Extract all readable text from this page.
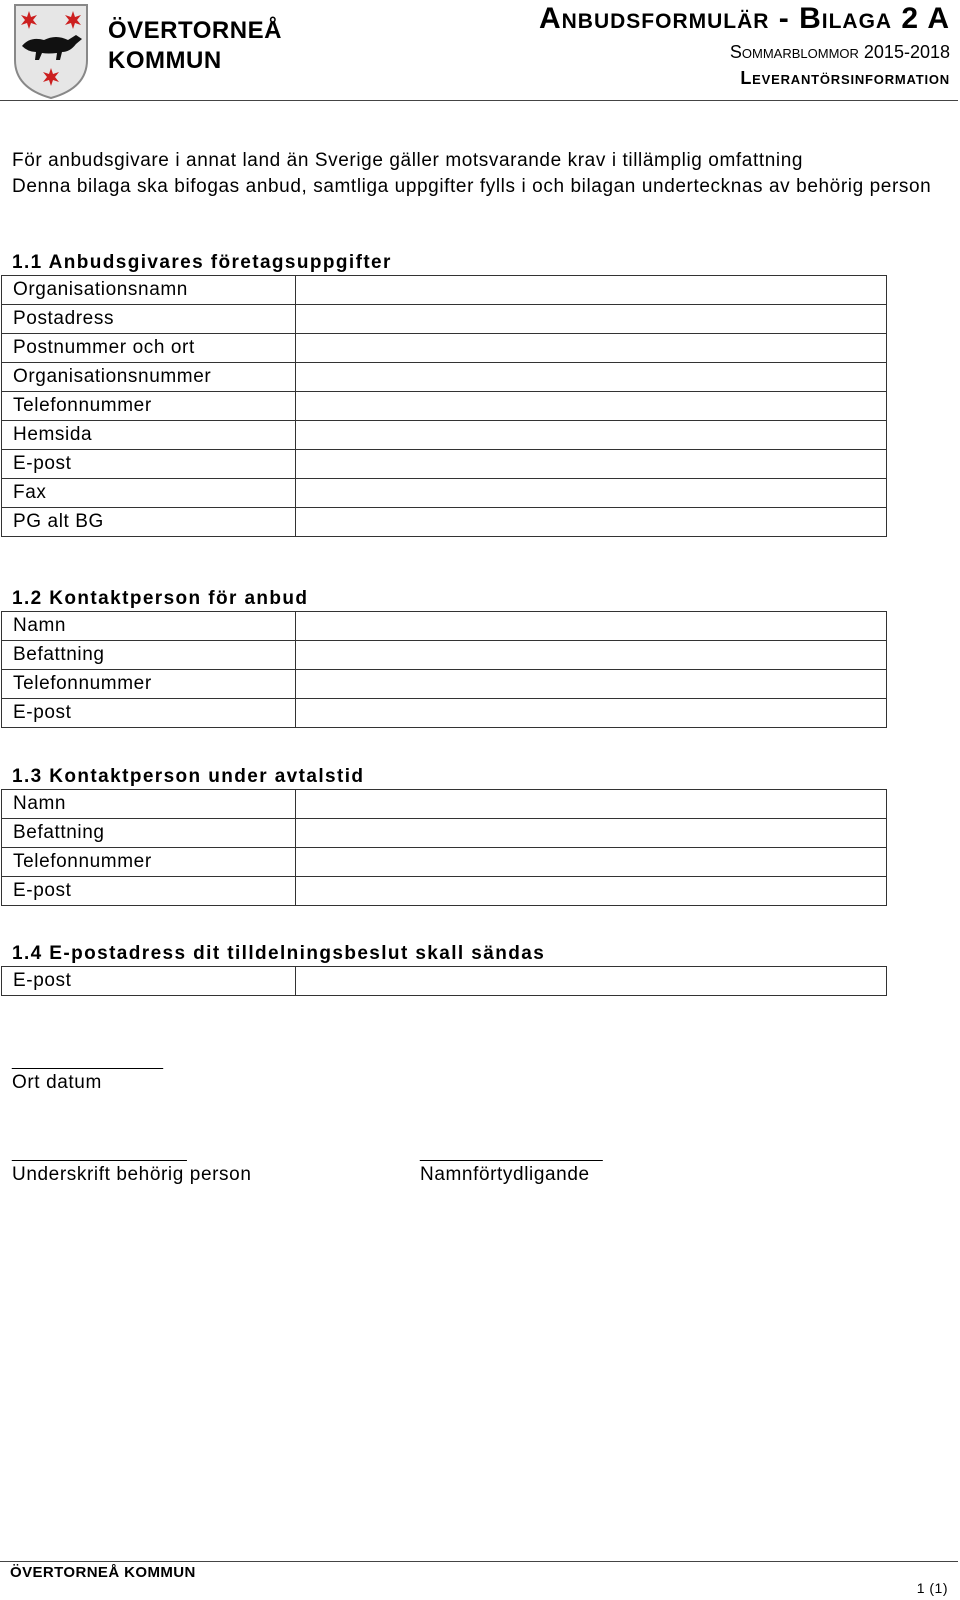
ÖVERTORNEÅ
KOMMUN
Anbudsformulär - Bilaga 2 A
Sommarblommor 2015-2018
Leverantörsinformation
För anbudsgivare i annat land än Sverige gäller motsvarande krav i tillämplig omfattning
Denna bilaga ska bifogas anbud, samtliga uppgifter fylls i och bilagan undertecknas av behörig person
1.1 Anbudsgivares företagsuppgifter
Organisationsnamn	
Postadress	
Postnummer och ort	
Organisationsnummer	
Telefonnummer	
Hemsida	
E-post	
Fax	
PG alt BG	
1.2 Kontaktperson för anbud
Namn	
Befattning	
Telefonnummer	
E-post	
1.3 Kontaktperson under avtalstid
Namn	
Befattning	
Telefonnummer	
E-post	
1.4 E-postadress dit tilldelningsbeslut skall sändas
E-post	
___________________
Ort datum
______________________
Underskrift behörig person
_______________________
Namnförtydligande
ÖVERTORNEÅ KOMMUN
1 (1)
